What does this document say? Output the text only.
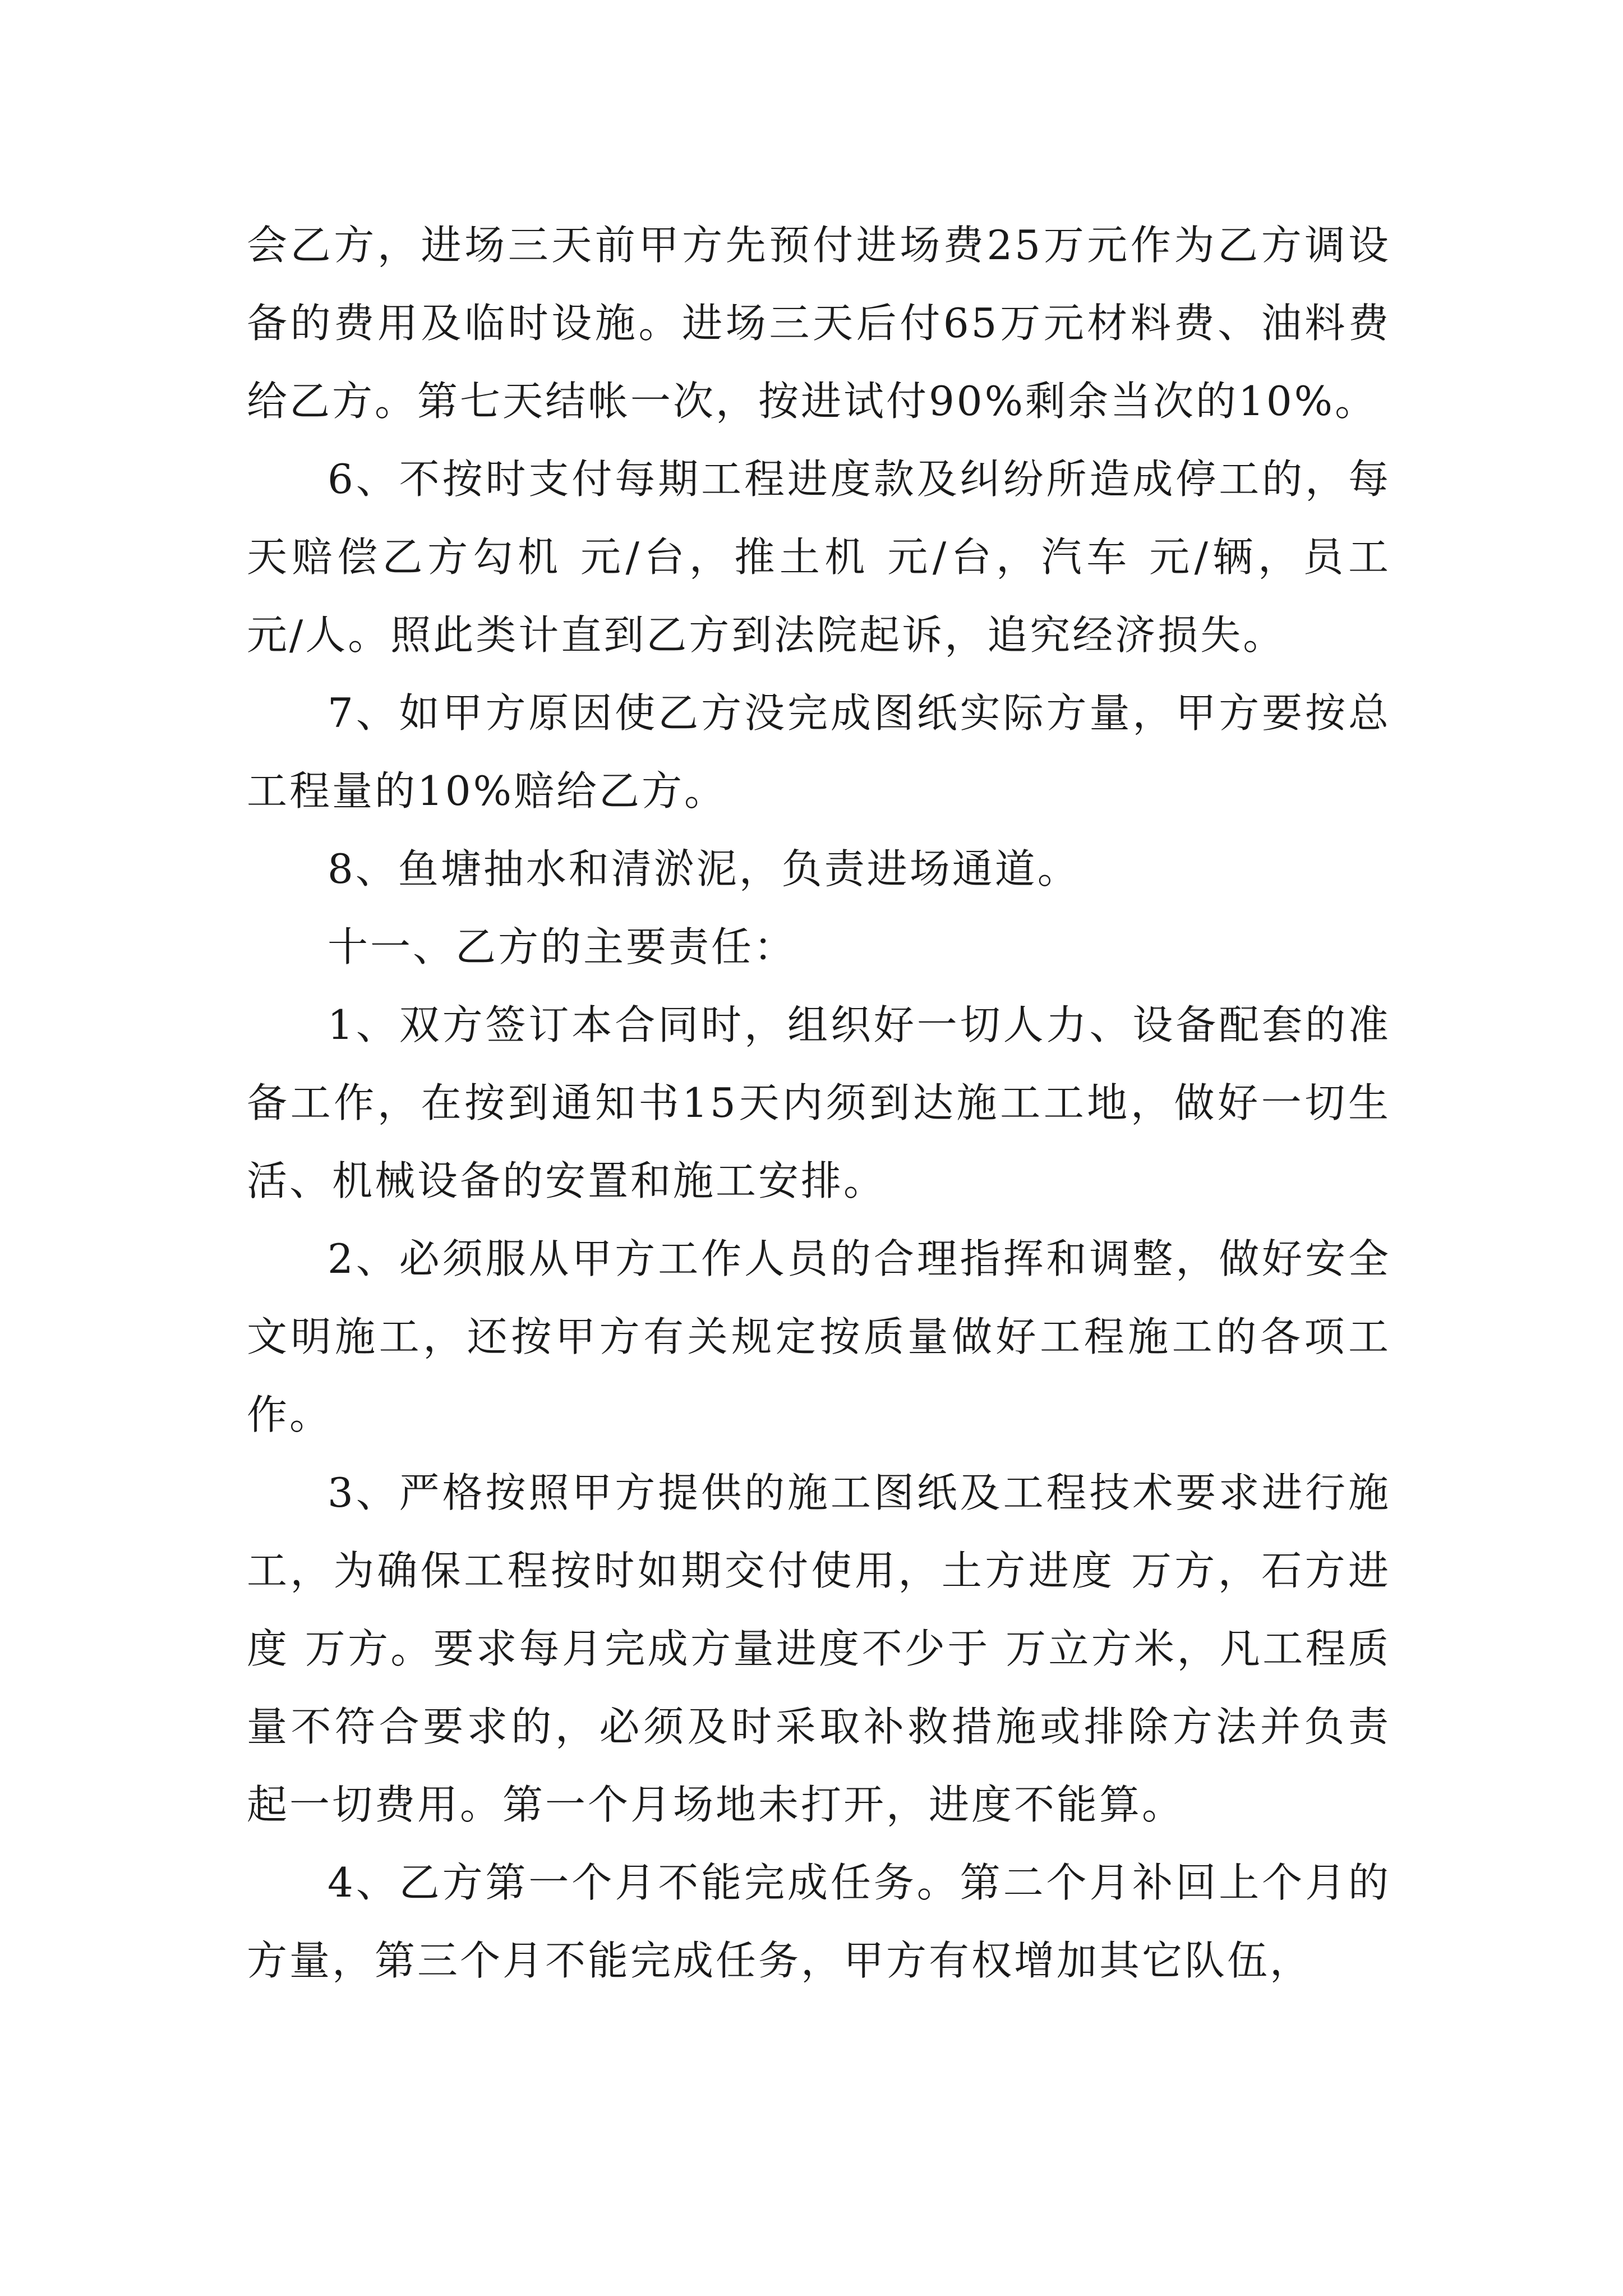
会乙方，进场三天前甲方先预付进场费25万元作为乙方调设备的费用及临时设施。进场三天后付65万元材料费、油料费给乙方。第七天结帐一次，按进试付90%剩余当次的10%。

6、不按时支付每期工程进度款及纠纷所造成停工的，每天赔偿乙方勾机 元/台，推土机 元/台，汽车 元/辆，员工 元/人。照此类计直到乙方到法院起诉，追究经济损失。

7、如甲方原因使乙方没完成图纸实际方量，甲方要按总工程量的10%赔给乙方。

8、鱼塘抽水和清淤泥，负责进场通道。

十一、乙方的主要责任：

1、双方签订本合同时，组织好一切人力、设备配套的准备工作，在按到通知书15天内须到达施工工地，做好一切生活、机械设备的安置和施工安排。

2、必须服从甲方工作人员的合理指挥和调整，做好安全文明施工，还按甲方有关规定按质量做好工程施工的各项工作。

3、严格按照甲方提供的施工图纸及工程技术要求进行施工，为确保工程按时如期交付使用，土方进度 万方，石方进度 万方。要求每月完成方量进度不少于 万立方米，凡工程质量不符合要求的，必须及时采取补救措施或排除方法并负责起一切费用。第一个月场地未打开，进度不能算。

4、乙方第一个月不能完成任务。第二个月补回上个月的方量，第三个月不能完成任务，甲方有权增加其它队伍，
